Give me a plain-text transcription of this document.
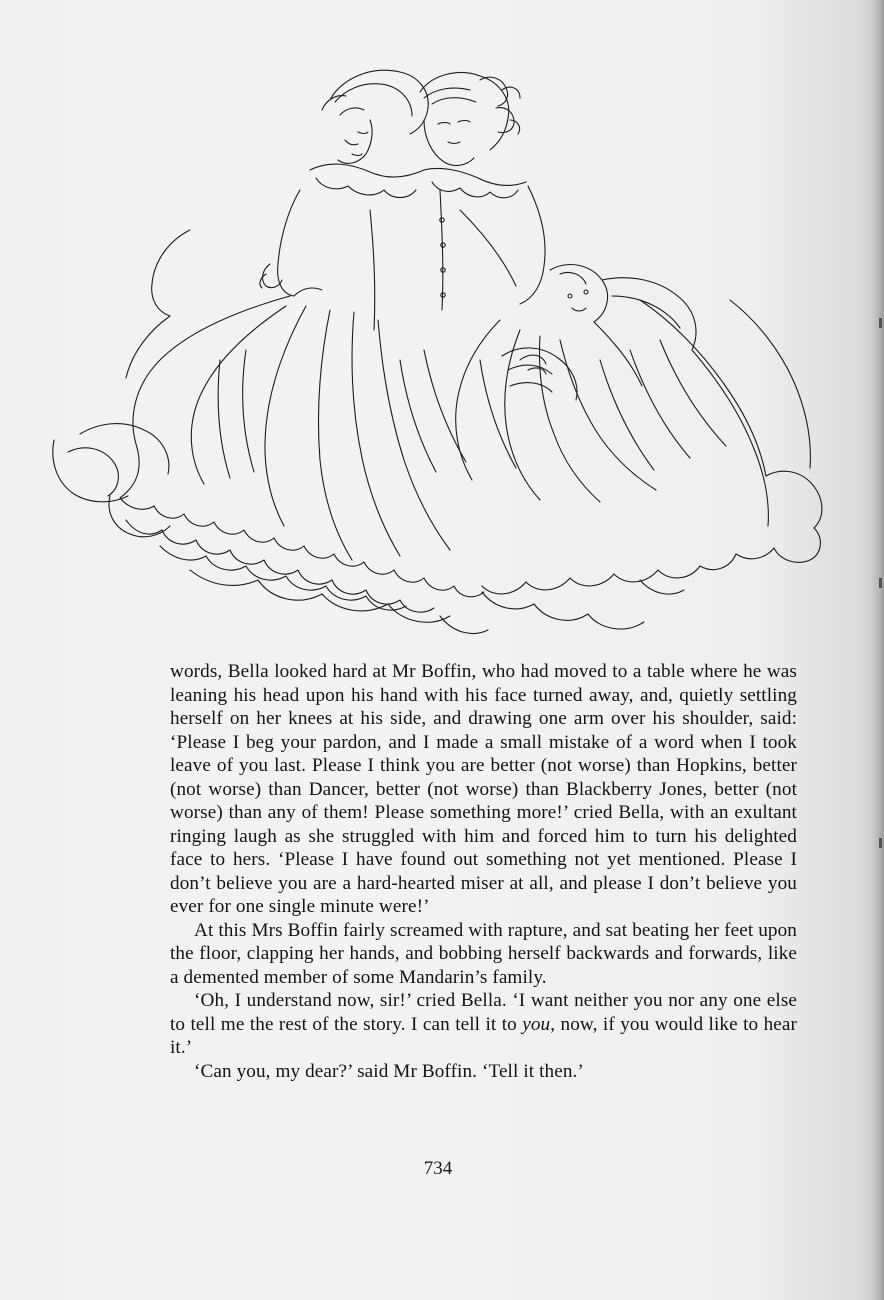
words, Bella looked hard at Mr Boffin, who had moved to a table where he was leaning his head upon his hand with his face turned away, and, quietly settling herself on her knees at his side, and drawing one arm over his shoulder, said: ‘Please I beg your pardon, and I made a small mistake of a word when I took leave of you last. Please I think you are better (not worse) than Hopkins, better (not worse) than Dancer, better (not worse) than Blackberry Jones, better (not worse) than any of them! Please something more!’ cried Bella, with an exultant ringing laugh as she struggled with him and forced him to turn his delighted face to hers. ‘Please I have found out something not yet mentioned. Please I don’t believe you are a hard-hearted miser at all, and please I don’t believe you ever for one single minute were!’

At this Mrs Boffin fairly screamed with rapture, and sat beating her feet upon the floor, clapping her hands, and bobbing herself backwards and forwards, like a demented member of some Mandarin’s family.

‘Oh, I understand now, sir!’ cried Bella. ‘I want neither you nor any one else to tell me the rest of the story. I can tell it to you, now, if you would like to hear it.’

‘Can you, my dear?’ said Mr Boffin. ‘Tell it then.’

734
